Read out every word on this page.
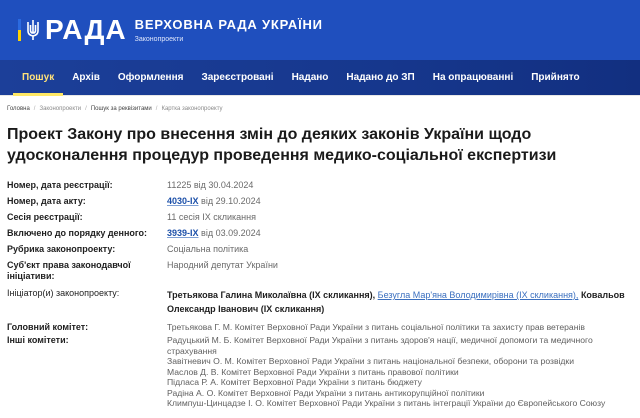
РАДА ВЕРХОВНА РАДА УКРАЇНИ
Законопроекти
Пошук	Архів	Оформлення	Зареєстровані	Надано	Надано до ЗП	На опрацюванні	Прийнято
Головна / Законопроекти / Пошук за реквізитами / Картка законопроекту
Проект Закону про внесення змін до деяких законів України щодо удосконалення процедур проведення медико-соціальної експертизи
Номер, дата реєстрації:	11225 від 30.04.2024
Номер, дата акту:	4030-IX від 29.10.2024
Сесія реєстрації:	11 сесія IX скликання
Включено до порядку денного:	3939-IX від 03.09.2024
Рубрика законопроекту:	Соціальна політика
Суб'єкт права законодавчої ініціативи:
Народний депутат України
Ініціатор(и) законопроекту:	Третьякова Галина Миколаївна (IX скликання), Безугла Мар'яна Володимирівна (IX скликання), Ковальов Олександр Іванович (IX скликання)
Головний комітет:	Третьякова Г. М. Комітет Верховної Ради України з питань соціальної політики та захисту прав ветеранів
Інші комітети:	Радуцький М. Б. Комітет Верховної Ради України з питань здоров'я нації, медичної допомоги та медичного страхування
Завітневич О. М. Комітет Верховної Ради України з питань національної безпеки, оборони та розвідки
Маслов Д. В. Комітет Верховної Ради України з питань правової політики
Підласа Р. А. Комітет Верховної Ради України з питань бюджету
Радіна А. О. Комітет Верховної Ради України з питань антикорупційної політики
Климпуш-Цинцадзе І. О. Комітет Верховної Ради України з питань інтеграції України до Європейського Союзу
